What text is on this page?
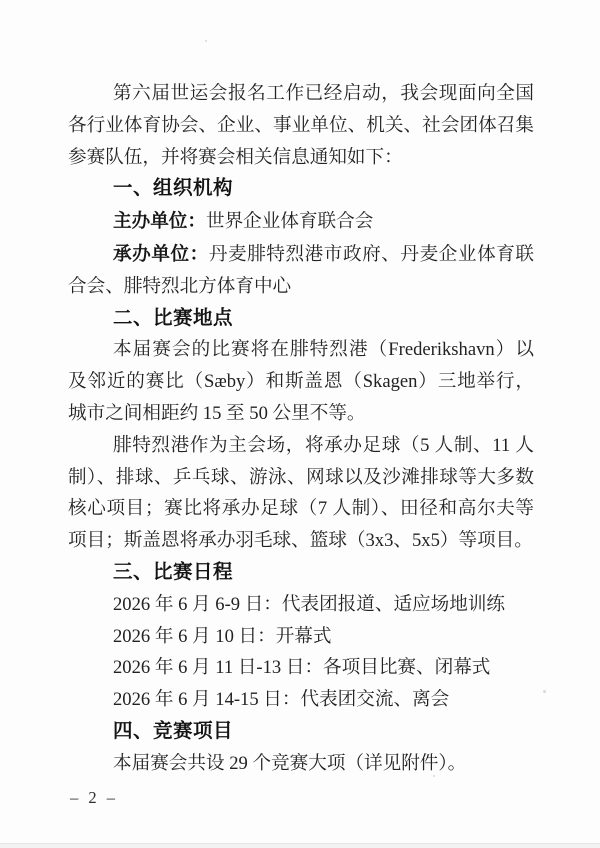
第六届世运会报名工作已经启动，我会现面向全国各行业体育协会、企业、事业单位、机关、社会团体召集参赛队伍，并将赛会相关信息通知如下：

一、组织机构

主办单位：世界企业体育联合会

承办单位：丹麦腓特烈港市政府、丹麦企业体育联合会、腓特烈北方体育中心

二、比赛地点

本届赛会的比赛将在腓特烈港（Frederikshavn）以及邻近的赛比（Sæby）和斯盖恩（Skagen）三地举行，城市之间相距约 15 至 50 公里不等。

腓特烈港作为主会场，将承办足球（5 人制、11 人制）、排球、乒乓球、游泳、网球以及沙滩排球等大多数核心项目；赛比将承办足球（7 人制）、田径和高尔夫等项目；斯盖恩将承办羽毛球、篮球（3x3、5x5）等项目。

三、比赛日程

2026 年 6 月 6-9 日：代表团报道、适应场地训练

2026 年 6 月 10 日：开幕式

2026 年 6 月 11 日-13 日：各项目比赛、闭幕式

2026 年 6 月 14-15 日：代表团交流、离会

四、竞赛项目

本届赛会共设 29 个竞赛大项（详见附件）。

– 2 –
